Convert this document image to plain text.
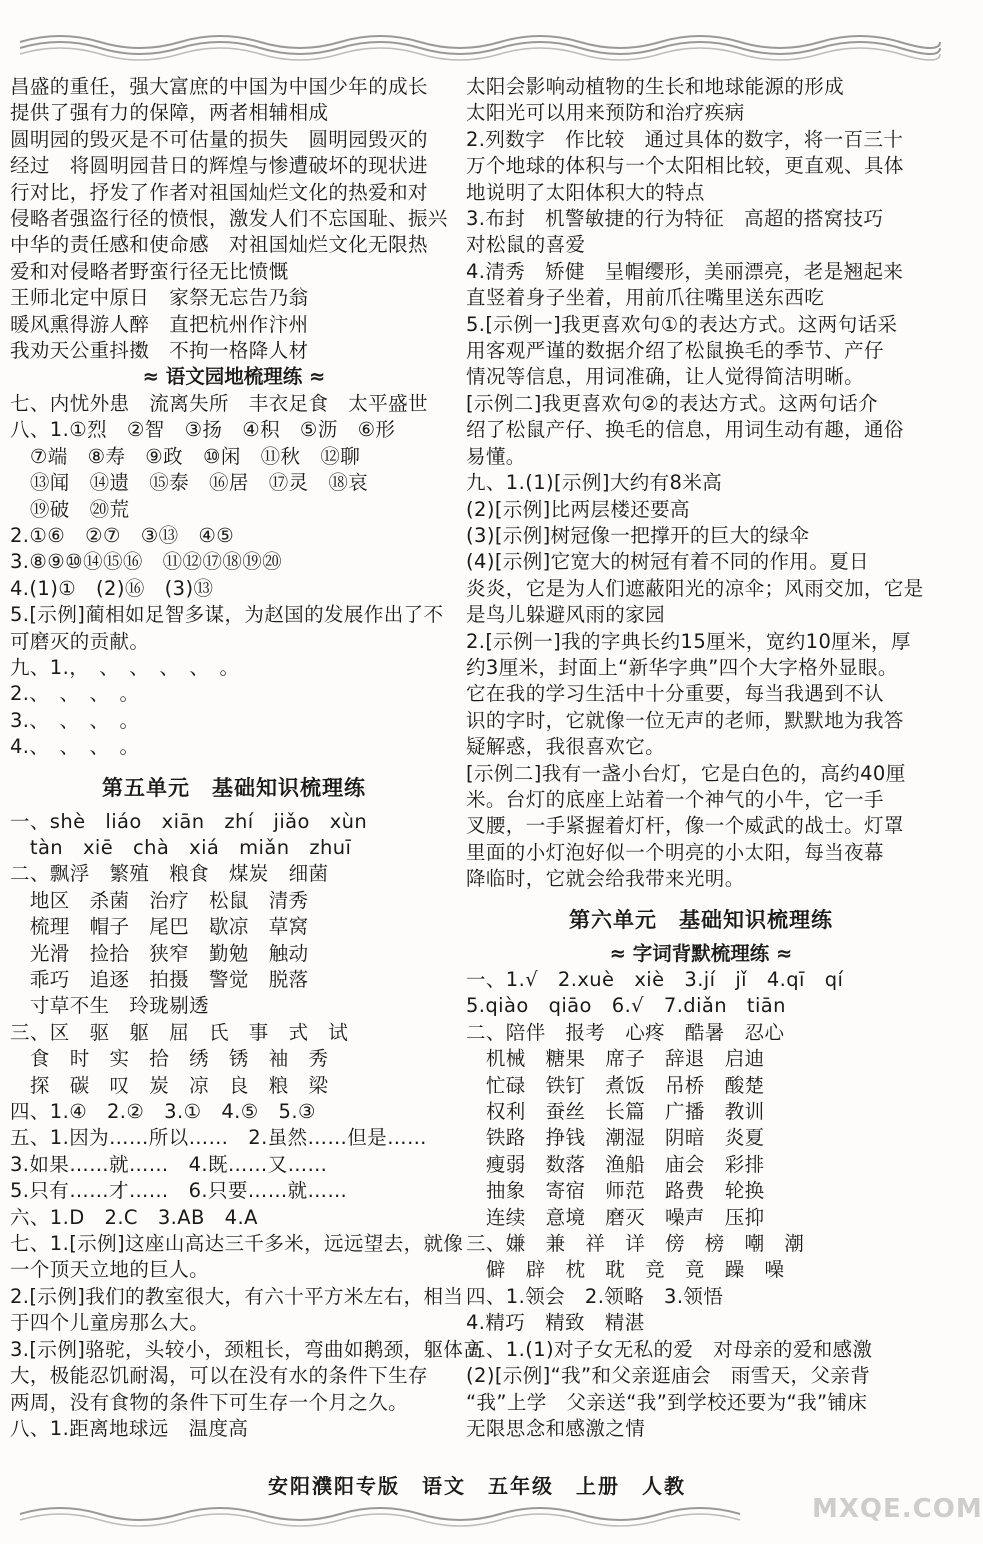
昌盛的重任，强大富庶的中国为中国少年的成长
提供了强有力的保障，两者相辅相成
圆明园的毁灭是不可估量的损失　圆明园毁灭的
经过　将圆明园昔日的辉煌与惨遭破坏的现状进
行对比，抒发了作者对祖国灿烂文化的热爱和对
侵略者强盗行径的愤恨，激发人们不忘国耻、振兴
中华的责任感和使命感　对祖国灿烂文化无限热
爱和对侵略者野蛮行径无比愤慨
王师北定中原日　家祭无忘告乃翁
暖风熏得游人醉　直把杭州作汴州
我劝天公重抖擞　不拘一格降人材
≈ 语文园地梳理练 ≈
七、内忧外患　流离失所　丰衣足食　太平盛世
八、1.①烈　②智　③扬　④积　⑤沥　⑥形
　⑦端　⑧寿　⑨政　⑩闲　⑪秋　⑫聊
　⑬闻　⑭遗　⑮泰　⑯居　⑰灵　⑱哀
　⑲破　⑳荒
2.①⑥　②⑦　③⑬　④⑤
3.⑧⑨⑩⑭⑮⑯　⑪⑫⑰⑱⑲⑳
4.(1)①　(2)⑯　(3)⑬
5.[示例]蔺相如足智多谋，为赵国的发展作出了不
可磨灭的贡献。
九、1.，　、　、　、　、　。
2.、　、　、　。
3.、　、　、　。
4.、　、　、　。
第五单元　基础知识梳理练
一、shè　liáo　xiān　zhí　jiǎo　xùn
　tàn　xiē　chà　xiá　miǎn　zhuī
二、飘浮　繁殖　粮食　煤炭　细菌
　地区　杀菌　治疗　松鼠　清秀
　梳理　帽子　尾巴　歇凉　草窝
　光滑　捡拾　狭窄　勤勉　触动
　乖巧　追逐　拍摄　警觉　脱落
　寸草不生　玲珑剔透
三、区　驱　躯　屈　氏　事　式　试
　食　时　实　拾　绣　锈　袖　秀
　探　碳　叹　炭　凉　良　粮　梁
四、1.④　2.②　3.①　4.⑤　5.③
五、1.因为……所以……　2.虽然……但是……
3.如果……就……　4.既……又……
5.只有……才……　6.只要……就……
六、1.D　2.C　3.AB　4.A
七、1.[示例]这座山高达三千多米，远远望去，就像
一个顶天立地的巨人。
2.[示例]我们的教室很大，有六十平方米左右，相当
于四个儿童房那么大。
3.[示例]骆驼，头较小，颈粗长，弯曲如鹅颈，躯体高
大，极能忍饥耐渴，可以在没有水的条件下生存
两周，没有食物的条件下可生存一个月之久。
八、1.距离地球远　温度高
太阳会影响动植物的生长和地球能源的形成
太阳光可以用来预防和治疗疾病
2.列数字　作比较　通过具体的数字，将一百三十
万个地球的体积与一个太阳相比较，更直观、具体
地说明了太阳体积大的特点
3.布封　机警敏捷的行为特征　高超的搭窝技巧
对松鼠的喜爱
4.清秀　矫健　呈帽缨形，美丽漂亮，老是翘起来
直竖着身子坐着，用前爪往嘴里送东西吃
5.[示例一]我更喜欢句①的表达方式。这两句话采
用客观严谨的数据介绍了松鼠换毛的季节、产仔
情况等信息，用词准确，让人觉得简洁明晰。
[示例二]我更喜欢句②的表达方式。这两句话介
绍了松鼠产仔、换毛的信息，用词生动有趣，通俗
易懂。
九、1.(1)[示例]大约有8米高
(2)[示例]比两层楼还要高
(3)[示例]树冠像一把撑开的巨大的绿伞
(4)[示例]它宽大的树冠有着不同的作用。夏日
炎炎，它是为人们遮蔽阳光的凉伞；风雨交加，它是
是鸟儿躲避风雨的家园
2.[示例一]我的字典长约15厘米，宽约10厘米，厚
约3厘米，封面上“新华字典”四个大字格外显眼。
它在我的学习生活中十分重要，每当我遇到不认
识的字时，它就像一位无声的老师，默默地为我答
疑解惑，我很喜欢它。
[示例二]我有一盏小台灯，它是白色的，高约40厘
米。台灯的底座上站着一个神气的小牛，它一手
叉腰，一手紧握着灯杆，像一个威武的战士。灯罩
里面的小灯泡好似一个明亮的小太阳，每当夜幕
降临时，它就会给我带来光明。
第六单元　基础知识梳理练
≈ 字词背默梳理练 ≈
一、1.√　2.xuè　xiè　3.jí　jǐ　4.qī　qí
5.qiào　qiāo　6.√　7.diǎn　tiān
二、陪伴　报考　心疼　酷暑　忍心
　机械　糖果　席子　辞退　启迪
　忙碌　铁钉　煮饭　吊桥　酸楚
　权利　蚕丝　长篇　广播　教训
　铁路　挣钱　潮湿　阴暗　炎夏
　瘦弱　数落　渔船　庙会　彩排
　抽象　寄宿　师范　路费　轮换
　连续　意境　磨灭　噪声　压抑
三、嫌　兼　祥　详　傍　榜　嘲　潮
　僻　辟　枕　耽　竞　竟　躁　噪
四、1.领会　2.领略　3.领悟
4.精巧　精致　精湛
五、1.(1)对子女无私的爱　对母亲的爱和感激
(2)[示例]“我”和父亲逛庙会　雨雪天，父亲背
“我”上学　父亲送“我”到学校还要为“我”铺床
无限思念和感激之情
安阳濮阳专版　语文　五年级　上册　人教
MXQE.COM
